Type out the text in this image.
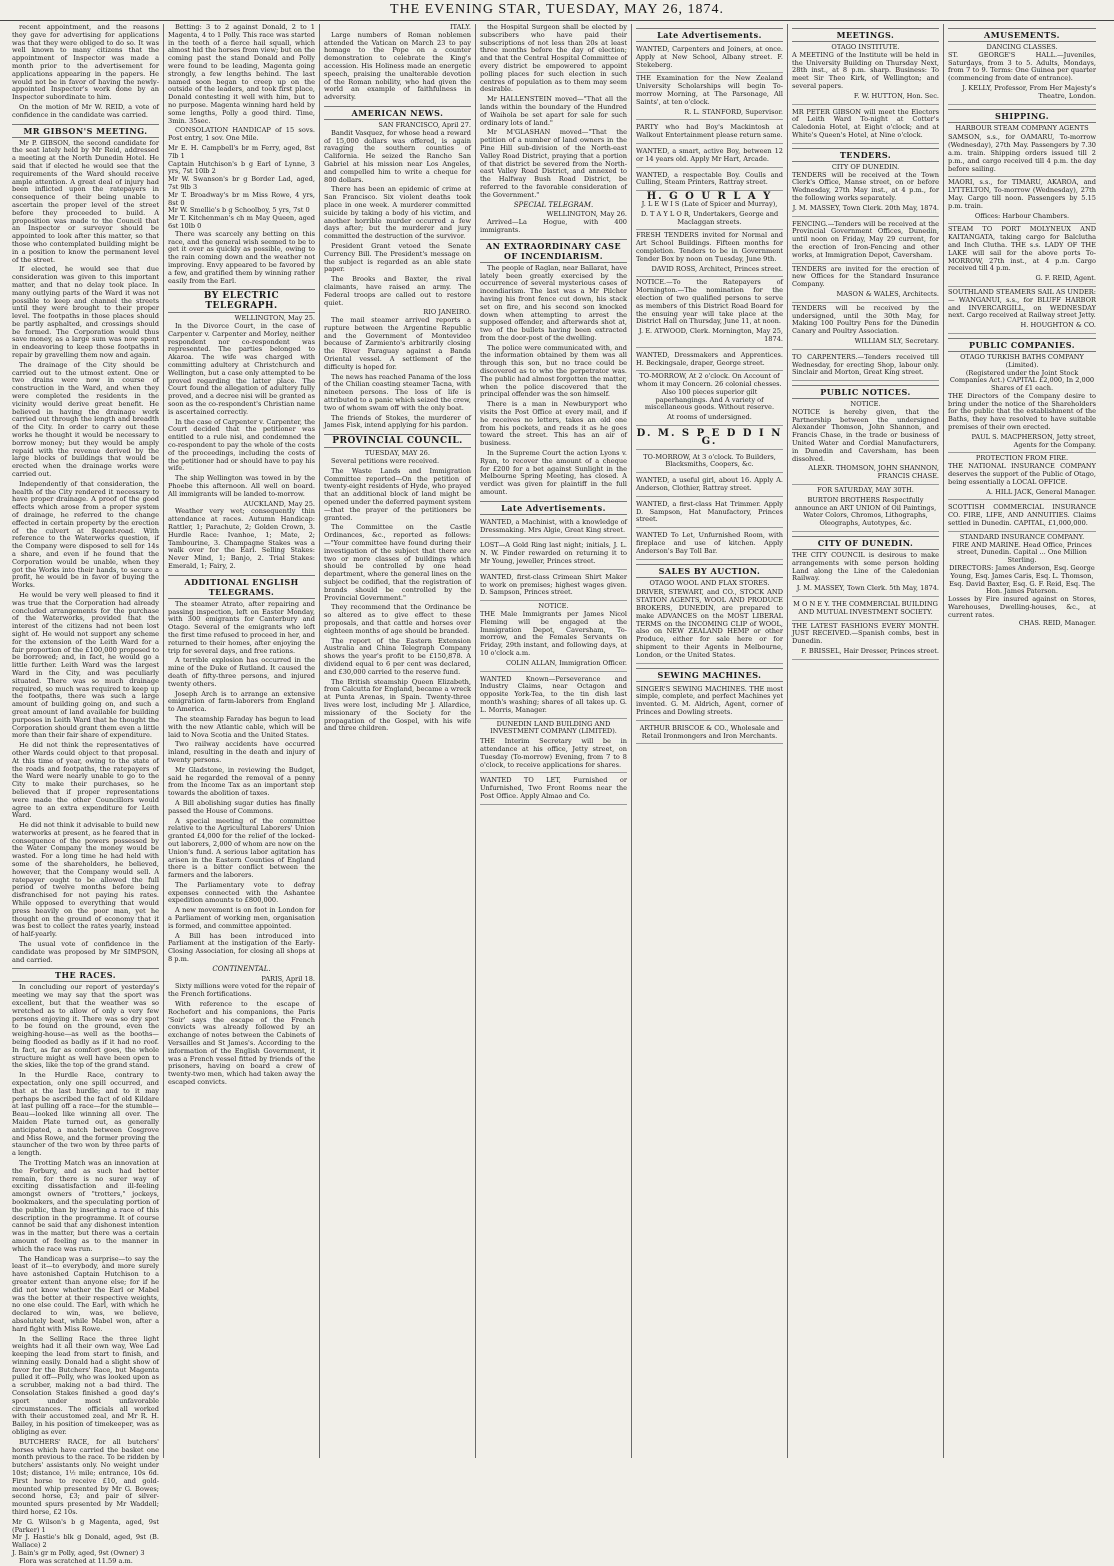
THE EVENING STAR, TUESDAY, MAY 26, 1874.

recent appointment, and the reasons they gave for advertising for applications was that they were obliged to do so. It was well known to many citizens that the appointment of Inspector was made a month prior to the advertisement for applications appearing in the papers. He would not be in favor of having the newly-appointed Inspector's work done by an Inspector subordinate to him.

On the motion of Mr W. REID, a vote of confidence in the candidate was carried.

MR GIBSON'S MEETING.

Mr P. GIBSON, the second candidate for the seat lately held by Mr Reid, addressed a meeting at the North Dunedin Hotel. He said that if elected he would see that the requirements of the Ward should receive ample attention. A great deal of injury had been inflicted upon the ratepayers in consequence of their being unable to ascertain the proper level of the street before they proceeded to build. A proposition was made to the Council that an Inspector or surveyor should be appointed to look after this matter, so that those who contemplated building might be in a position to know the permanent level of the street.

If elected, he would see that due consideration was given to this important matter, and that no delay took place. In many outlying parts of the Ward it was not possible to keep and channel the streets until they were brought to their proper level. The footpaths in those places should be partly asphalted, and crossings should be formed. The Corporation would thus save money, as a large sum was now spent in endeavoring to keep those footpaths in repair by gravelling them now and again.

The drainage of the City should be carried out to the utmost extent. One or two drains were now in course of construction in the Ward, and when they were completed the residents in the vicinity would derive great benefit. He believed in having the drainage work carried out through the length and breadth of the City. In order to carry out these works he thought it would be necessary to borrow money; but they would be amply repaid with the revenue derived by the large blocks of buildings that would be erected when the drainage works were carried out.

Independently of that consideration, the health of the City rendered it necessary to have proper drainage. A proof of the good effects which arose from a proper system of drainage, he referred to the change effected in certain property by the erection of the culvert at Regent-road. With reference to the Waterworks question, if the Company were disposed to sell for 14s a share, and even if he found that the Corporation would be unable, when they got the Works into their hands, to secure a profit, he would be in favor of buying the Works.

He would be very well pleased to find it was true that the Corporation had already concluded arrangements for the purchase of the Waterworks, provided that the interest of the citizens had not been lost sight of. He would not support any scheme for the extension of the Leith Ward for a fair proportion of the £100,000 proposed to be borrowed; and, in fact, he would go a little further. Leith Ward was the largest Ward in the City, and was peculiarly situated. There was so much drainage required, so much was required to keep up the footpaths, there was such a large amount of building going on, and such a great amount of land available for building purposes in Leith Ward that he thought the Corporation should grant them even a little more than their fair share of expenditure.

He did not think the representatives of other Wards could object to that proposal. At this time of year, owing to the state of the roads and footpaths, the ratepayers of the Ward were nearly unable to go to the City to make their purchases, so he believed that if proper representations were made the other Councillors would agree to an extra expenditure for Leith Ward.

He did not think it advisable to build new waterworks at present, as he feared that in consequence of the powers possessed by the Water Company the money would be wasted. For a long time he had held with some of the shareholders, he believed, however, that the Company would sell. A ratepayer ought to be allowed the full period of twelve months before being disfranchised for not paying his rates. While opposed to everything that would press heavily on the poor man, yet he thought on the ground of economy that it was best to collect the rates yearly, instead of half-yearly.

The usual vote of confidence in the candidate was proposed by Mr SIMPSON, and carried.

THE RACES.

In concluding our report of yesterday's meeting we may say that the sport was excellent, but that the weather was so wretched as to allow of only a very few persons enjoying it. There was so dry spot to be found on the ground, even the weighing-house—as well as the booths—being flooded as badly as if it had no roof. In fact, as far as comfort goes, the whole structure might as well have been open to the skies, like the top of the grand stand.

In the Hurdle Race, contrary to expectation, only one spill occurred, and that at the last hurdle; and to it may perhaps be ascribed the fact of old Kildare at last pulling off a race—for the stumble—Beau—looked like winning all over. The Maiden Plate turned out, as generally anticipated, a match between Cosgrove and Miss Rowe, and the former proving the stauncher of the two won by three parts of a length.

The Trotting Match was an innovation at the Forbury, and as such had better remain, for there is no surer way of exciting dissatisfaction and ill-feeling amongst owners of "trotters," jockeys, bookmakers, and the speculating portion of the public, than by inserting a race of this description in the programme. It of course cannot be said that any dishonest intention was in the matter, but there was a certain amount of feeling as to the manner in which the race was run.

The Handicap was a surprise—to say the least of it—to everybody, and more surely have astonished Captain Hutchison to a greater extent than anyone else; for if he did not know whether the Earl or Mabel was the better at their respective weights, no one else could. The Earl, with which he declared to win, was, we believe, absolutely beat, while Mabel won, after a hard fight with Miss Rowe.

In the Selling Race the three light weights had it all their own way, Wee Lad keeping the lead from start to finish, and winning easily. Donald had a slight show of favor for the Butchers' Race, but Magenta pulled it off—Polly, who was looked upon as a scrubber, making not a bad third. The Consolation Stakes finished a good day's sport under most unfavorable circumstances. The officials all worked with their accustomed zeal, and Mr R. H. Bailey, in his position of timekeeper, was as obliging as ever.

BUTCHERS' RACE, for all butchers' horses which have carried the basket one month previous to the race. To be ridden by butchers' assistants only. No weight under 10st; distance, 1½ mile; entrance, 10s 6d. First horse to receive £10, and gold-mounted whip presented by Mr G. Bowes; second horse, £3; and pair of silver-mounted spurs presented by Mr Waddell; third horse, £2 10s.

Mr G. Wilson's b g Magenta, aged, 9st (Parker) 1
Mr J. Hastie's blk g Donald, aged, 9st (B. Wallace) 2
J. Bain's gr m Polly, aged, 9st (Owner) 3

Flora was scratched at 11.59 a.m.

Betting: 3 to 2 against Donald, 2 to 1 Magenta, 4 to 1 Polly. This race was started in the teeth of a fierce hail squall, which almost hid the horses from view; but on the coming past the stand Donald and Polly were found to be leading, Magenta going strongly, a few lengths behind. The last named soon began to creep up on the outside of the leaders, and took first place, Donald contesting it well with him, but to no purpose. Magenta winning hard held by some lengths, Polly a good third. Time, 3min. 35sec.

CONSOLATION HANDICAP of 15 sovs. Post entry, 1 sov. One Mile.

Mr E. H. Campbell's br m Ferry, aged, 8st 7lb 1
Captain Hutchison's b g Earl of Lynne, 3 yrs, 7st 10lb 2
Mr W. Swanson's br g Border Lad, aged, 7st 9lb 3
Mr T. Broadway's br m Miss Rowe, 4 yrs, 8st 0
Mr W. Smellie's b g Schoolboy, 5 yrs, 7st 0
Mr T. Kitchenman's ch m May Queen, aged 6st 10lb 0

There was scarcely any betting on this race, and the general wish seemed to be to get it over as quickly as possible, owing to the rain coming down and the weather not improving. Envy appeared to be favored by a few, and gratified them by winning rather easily from the Earl.

BY ELECTRIC TELEGRAPH.
WELLINGTON, May 25.

In the Divorce Court, in the case of Carpenter v. Carpenter and Morley, neither respondent nor co-respondent was represented. The parties belonged to Akaroa. The wife was charged with committing adultery at Christchurch and Wellington, but a case only attempted to be proved regarding the latter place. The Court found the allegation of adultery fully proved, and a decree nisi will be granted as soon as the co-respondent's Christian name is ascertained correctly.

In the case of Carpenter v. Carpenter, the Court decided that the petitioner was entitled to a rule nisi, and condemned the co-respondent to pay the whole of the costs of the proceedings, including the costs of the petitioner had or should have to pay his wife.

The ship Wellington was towed in by the Phoebe this afternoon. All well on board. All immigrants will be landed to-morrow.

AUCKLAND, May 25.

Weather very wet; consequently thin attendance at races. Autumn Handicap: Rattler, 1; Parachute, 2; Golden Crown, 3. Hurdle Race: Ivanhoe, 1; Mate, 2; Tambourine, 3. Champagne Stakes was a walk over for the Earl. Selling Stakes: Never Mind, 1; Banjo, 2. Trial Stakes: Emerald, 1; Fairy, 2.

ADDITIONAL ENGLISH TELEGRAMS.

The steamer Atrato, after repairing and passing inspection, left on Easter Monday, with 300 emigrants for Canterbury and Otago. Several of the emigrants who left the first time refused to proceed in her, and returned to their homes, after enjoying the trip for several days, and free rations.

A terrible explosion has occurred in the mine of the Duke of Rutland. It caused the death of fifty-three persons, and injured twenty others.

Joseph Arch is to arrange an extensive emigration of farm-laborers from England to America.

The steamship Faraday has begun to lead with the new Atlantic cable, which will be laid to Nova Scotia and the United States.

Two railway accidents have occurred inland, resulting in the death and injury of twenty persons.

Mr Gladstone, in reviewing the Budget, said he regarded the removal of a penny from the Income Tax as an important step towards the abolition of taxes.

A Bill abolishing sugar duties has finally passed the House of Commons.

A special meeting of the committee relative to the Agricultural Laborers' Union granted £4,000 for the relief of the locked-out laborers, 2,000 of whom are now on the Union's fund. A serious labor agitation has arisen in the Eastern Counties of England there is a bitter conflict between the farmers and the laborers.

The Parliamentary vote to defray expenses connected with the Ashantee expedition amounts to £800,000.

A new movement is on foot in London for a Parliament of working men, organisation is formed, and committee appointed.

A Bill has been introduced into Parliament at the instigation of the Early-Closing Association, for closing all shops at 8 p.m.

CONTINENTAL.
PARIS, April 18.

Sixty millions were voted for the repair of the French fortifications.

With reference to the escape of Rochefort and his companions, the Paris 'Soir' says the escape of the French convicts was already followed by an exchange of notes between the Cabinets of Versailles and St James's. According to the information of the English Government, it was a French vessel fitted by friends of the prisoners, having on board a crew of twenty-two men, which had taken away the escaped convicts.

ITALY.

Large numbers of Roman noblemen attended the Vatican on March 23 to pay homage to the Pope on a counter demonstration to celebrate the King's accession. His Holiness made an energetic speech, praising the unalterable devotion of the Roman nobility, who had given the world an example of faithfulness in adversity.

AMERICAN NEWS.
SAN FRANCISCO, April 27.

Bandit Vasquez, for whose head a reward of 15,000 dollars was offered, is again ravaging the southern counties of California. He seized the Rancho San Gabriel at his mission near Los Angeles, and compelled him to write a cheque for 800 dollars.

There has been an epidemic of crime at San Francisco. Six violent deaths took place in one week. A murderer committed suicide by taking a body of his victim, and another horrible murder occurred a few days after; but the murderer and jury committed the destruction of the survivor.

President Grant vetoed the Senate Currency Bill. The President's message on the subject is regarded as an able state paper.

The Brooks and Baxter, the rival claimants, have raised an army. The Federal troops are called out to restore quiet.

RIO JANEIRO.

The mail steamer arrived reports a rupture between the Argentine Republic and the Government of Montevideo because of Zarmiento's arbitrarily closing the River Paraguay against a Banda Oriental vessel. A settlement of the difficulty is hoped for.

The news has reached Panama of the loss of the Chilian coasting steamer Tacna, with nineteen persons. The loss of life is attributed to a panic which seized the crew, two of whom swam off with the only boat.

The friends of Stokes, the murderer of James Fisk, intend applying for his pardon.

PROVINCIAL COUNCIL.
TUESDAY, MAY 26.

Several petitions were received.

The Waste Lands and Immigration Committee reported—On the petition of twenty-eight residents of Hyde, who prayed that an additional block of land might be opened under the deferred payment system—that the prayer of the petitioners be granted.

The Committee on the Castle Ordinances, &c., reported as follows:—"Your committee have found during their investigation of the subject that there are two or more classes of buildings which should be controlled by one head department, where the general lines on the subject be codified, that the registration of brands should be controlled by the Provincial Government."

They recommend that the Ordinance be so altered as to give effect to these proposals, and that cattle and horses over eighteen months of age should be branded.

The report of the Eastern Extension Australia and China Telegraph Company shows the year's profit to be £150,878. A dividend equal to 6 per cent was declared, and £30,000 carried to the reserve fund.

The British steamship Queen Elizabeth, from Calcutta for England, became a wreck at Punta Arenas, in Spain. Twenty-three lives were lost, including Mr J. Allardice, missionary of the Society for the propagation of the Gospel, with his wife and three children.

the Hospital Surgeon shall be elected by subscribers who have paid their subscriptions of not less than 20s at least three months before the day of election; and that the Central Hospital Committee of every district be empowered to appoint polling places for such election in such centres of population as to them may seem desirable.

Mr HALLENSTEIN moved—"That all the lands within the boundary of the Hundred of Waihola be set apart for sale for such ordinary lots of land."

Mr M'GLASHAN moved—"That the petition of a number of land owners in the Pine Hill sub-division of the North-east Valley Road District, praying that a portion of that district be severed from the North-east Valley Road District, and annexed to the Halfway Bush Road District, be referred to the favorable consideration of the Government."

SPECIAL TELEGRAM.
WELLINGTON, May 26.

Arrived—La Hogue, with 400 immigrants.

AN EXTRAORDINARY CASE OF INCENDIARISM.

The people of Raglan, near Ballarat, have lately been greatly exercised by the occurrence of several mysterious cases of incendiarism. The last was a Mr Pilcher having his front fence cut down, his stack set on fire, and his second son knocked down when attempting to arrest the supposed offender, and afterwards shot at, two of the bullets having been extracted from the door-post of the dwelling.

The police were communicated with, and the information obtained by them was all through this son, but no trace could be discovered as to who the perpetrator was. The public had almost forgotten the matter, when the police discovered that the principal offender was the son himself.

There is a man in Newburyport who visits the Post Office at every mail, and if he receives no letters, takes an old one from his pockets, and reads it as he goes toward the street. This has an air of business.

In the Supreme Court the action Lyons v. Ryan, to recover the amount of a cheque for £200 for a bet against Sunlight in the Melbourne Spring Meeting, has closed. A verdict was given for plaintiff in the full amount.

Late Advertisements.
WANTED, a Machinist, with a knowledge of Dressmaking. Mrs Algie, Great King street.
LOST—A Gold Ring last night; initials, J. L. N. W. Finder rewarded on returning it to Mr Young, jeweller, Princes street.
WANTED, first-class Crimean Shirt Maker to work on premises; highest wages given. D. Sampson, Princes street.
NOTICE.
THE Male Immigrants per James Nicol Fleming will be engaged at the Immigration Depot, Caversham, To-morrow, and the Females Servants on Friday, 29th instant, and following days, at 10 o'clock a.m.
COLIN ALLAN, Immigration Officer.
WANTED Known—Perseverance and Industry Claims, near Octagon and opposite York-Tea, to the tin dish last month's washing; shares of all takes up. G. L. Morris, Manager.
DUNEDIN LAND BUILDING AND INVESTMENT COMPANY (LIMITED).
THE Interim Secretary will be in attendance at his office, Jetty street, on Tuesday (To-morrow) Evening, from 7 to 8 o'clock, to receive applications for shares.
WANTED TO LET, Furnished or Unfurnished, Two Front Rooms near the Post Office. Apply Almao and Co.
Late Advertisements.
WANTED, Carpenters and Joiners, at once. Apply at New School, Albany street. F. Stekeberg.
THE Examination for the New Zealand University Scholarships will begin To-morrow Morning, at The Parsonage, All Saints', at ten o'clock.
R. L. STANFORD, Supervisor.
PARTY who had Boy's Mackintosh at Walkout Entertainment please return same.
WANTED, a smart, active Boy, between 12 or 14 years old. Apply Mr Hart, Arcade.
WANTED, a respectable Boy. Coulls and Culling, Steam Printers, Rattray street.
H. G O U R L A Y
J. L E W I S (Late of Spicer and Murray),
D. T A Y L O R, Undertakers, George and Maclaggan streets.
FRESH TENDERS invited for Normal and Art School Buildings. Fifteen months for completion. Tenders to be in Government Tender Box by noon on Tuesday, June 9th.
DAVID ROSS, Architect, Princes street.
NOTICE.—To the Ratepayers of Mornington.—The nomination for the election of two qualified persons to serve as members of this District Road Board for the ensuing year will take place at the District Hall on Thursday, June 11, at noon.
J. E. ATWOOD, Clerk. Mornington, May 25, 1874.
WANTED, Dressmakers and Apprentices. H. Beckingsale, draper, George street.
TO-MORROW, At 2 o'clock. On Account of whom it may Concern. 26 colonial chesses. Also 100 pieces superior gilt paperhangings. And A variety of miscellaneous goods. Without reserve.
At rooms of undersigned.
D. M. S P E D D I N G.
TO-MORROW, At 3 o'clock. To Builders, Blacksmiths, Coopers, &c.
WANTED, a useful girl, about 16. Apply A. Anderson, Clothier, Rattray street.
WANTED, a first-class Hat Trimmer. Apply D. Sampson, Hat Manufactory, Princes street.
WANTED To Let, Unfurnished Room, with fireplace and use of kitchen. Apply Anderson's Bay Toll Bar.
SALES BY AUCTION.
OTAGO WOOL AND FLAX STORES.
DRIVER, STEWART, and CO., STOCK AND STATION AGENTS, WOOL AND PRODUCE BROKERS, DUNEDIN, are prepared to make ADVANCES on the MOST LIBERAL TERMS on the INCOMING CLIP of WOOL, also on NEW ZEALAND HEMP or other Produce, either for sale here or for shipment to their Agents in Melbourne, London, or the United States.
SEWING MACHINES.
SINGER'S SEWING MACHINES. THE most simple, complete, and perfect Machines yet invented. G. M. Aldrich, Agent, corner of Princes and Dowling streets.
ARTHUR BRISCOE & CO., Wholesale and Retail Ironmongers and Iron Merchants.
MEETINGS.
OTAGO INSTITUTE.
A MEETING of the Institute will be held in the University Building on Thursday Next, 28th inst., at 8 p.m. sharp. Business: To meet Sir Theo Kirk, of Wellington; and several papers.
F. W. HUTTON, Hon. Sec.
MR PETER GIBSON will meet the Electors of Leith Ward To-night at Cotter's Caledonia Hotel, at Eight o'clock; and at White's Queen's Hotel, at Nine o'clock.
TENDERS.
CITY OF DUNEDIN.
TENDERS will be received at the Town Clerk's Office, Manse street, on or before Wednesday, 27th May inst., at 4 p.m., for the following works separately.
J. M. MASSEY, Town Clerk. 20th May, 1874.
FENCING.—Tenders will be received at the Provincial Government Offices, Dunedin, until noon on Friday, May 29 current, for the erection of Iron-Fencing and other works, at Immigration Depot, Caversham.
TENDERS are invited for the erection of new Offices for the Standard Insurance Company.
MASON & WALES, Architects.
TENDERS will be received by the undersigned, until the 30th May, for Making 100 Poultry Pens for the Dunedin Canary and Poultry Association.
WILLIAM SLY, Secretary.
TO CARPENTERS.—Tenders received till Wednesday, for erecting Shop, labour only. Sinclair and Morton, Great King street.
PUBLIC NOTICES.
NOTICE.
NOTICE is hereby given, that the Partnership between the undersigned Alexander Thomson, John Shannon, and Francis Chase, in the trade or business of United Water and Cordial Manufacturers, in Dunedin and Caversham, has been dissolved.
ALEXR. THOMSON, JOHN SHANNON, FRANCIS CHASE.
FOR SATURDAY, MAY 30TH.
BURTON BROTHERS Respectfully announce an ART UNION of Oil Paintings, Water Colors, Chromos, Lithographs, Oleographs, Autotypes, &c.
CITY OF DUNEDIN.
THE CITY COUNCIL is desirous to make arrangements with some person holding Land along the Line of the Caledonian Railway.
J. M. MASSEY, Town Clerk. 5th May, 1874.
M O N E Y. THE COMMERCIAL BUILDING AND MUTUAL INVESTMENT SOCIETY.
THE LATEST FASHIONS EVERY MONTH. JUST RECEIVED.—Spanish combs, best in Dunedin.
F. BRISSEL, Hair Dresser, Princes street.
AMUSEMENTS.
DANCING CLASSES.
ST. GEORGE'S HALL.—Juveniles, Saturdays, from 3 to 5. Adults, Mondays, from 7 to 9. Terms: One Guinea per quarter (commencing from date of entrance).
J. KELLY, Professor, From Her Majesty's Theatre, London.
SHIPPING.
HARBOUR STEAM COMPANY AGENTS
SAMSON, s.s., for OAMARU, To-morrow (Wednesday), 27th May. Passengers by 7.30 a.m. train. Shipping orders issued till 2 p.m., and cargo received till 4 p.m. the day before sailing.
MAORI, s.s., for TIMARU, AKAROA, and LYTTELTON, To-morrow (Wednesday), 27th May. Cargo till noon. Passengers by 5.15 p.m. train.
Offices: Harbour Chambers.
STEAM TO PORT MOLYNEUX AND KAITANGATA, taking cargo for Balclutha and Inch Clutha. THE s.s. LADY OF THE LAKE will sail for the above ports To-MORROW, 27th inst., at 4 p.m. Cargo received till 4 p.m.
G. F. REID, Agent.
SOUTHLAND STEAMERS SAIL AS UNDER:— WANGANUI, s.s., for BLUFF HARBOR and INVERCARGILL, on WEDNESDAY next. Cargo received at Railway street Jetty.
H. HOUGHTON & CO.
PUBLIC COMPANIES.
OTAGO TURKISH BATHS COMPANY (Limited).
(Registered under the Joint Stock Companies Act.) CAPITAL £2,000, In 2,000 Shares of £1 each.
THE Directors of the Company desire to bring under the notice of the Shareholders for the public that the establishment of the Baths, they have resolved to have suitable premises of their own erected.
PAUL S. MACPHERSON, Jetty street, Agents for the Company.
PROTECTION FROM FIRE.
THE NATIONAL INSURANCE COMPANY deserves the support of the Public of Otago, being essentially a LOCAL OFFICE.
A. HILL JACK, General Manager.
SCOTTISH COMMERCIAL INSURANCE CO. FIRE, LIFE, AND ANNUITIES. Claims settled in Dunedin. CAPITAL, £1,000,000.
STANDARD INSURANCE COMPANY.
FIRE AND MARINE. Head Office, Princes street, Dunedin. Capital ... One Million Sterling.
DIRECTORS: James Anderson, Esq. George Young, Esq. James Caris, Esq. L. Thomson, Esq. David Baxter, Esq. G. F. Reid, Esq. The Hon. James Paterson.
Losses by Fire insured against on Stores, Warehouses, Dwelling-houses, &c., at current rates.
CHAS. REID, Manager.
